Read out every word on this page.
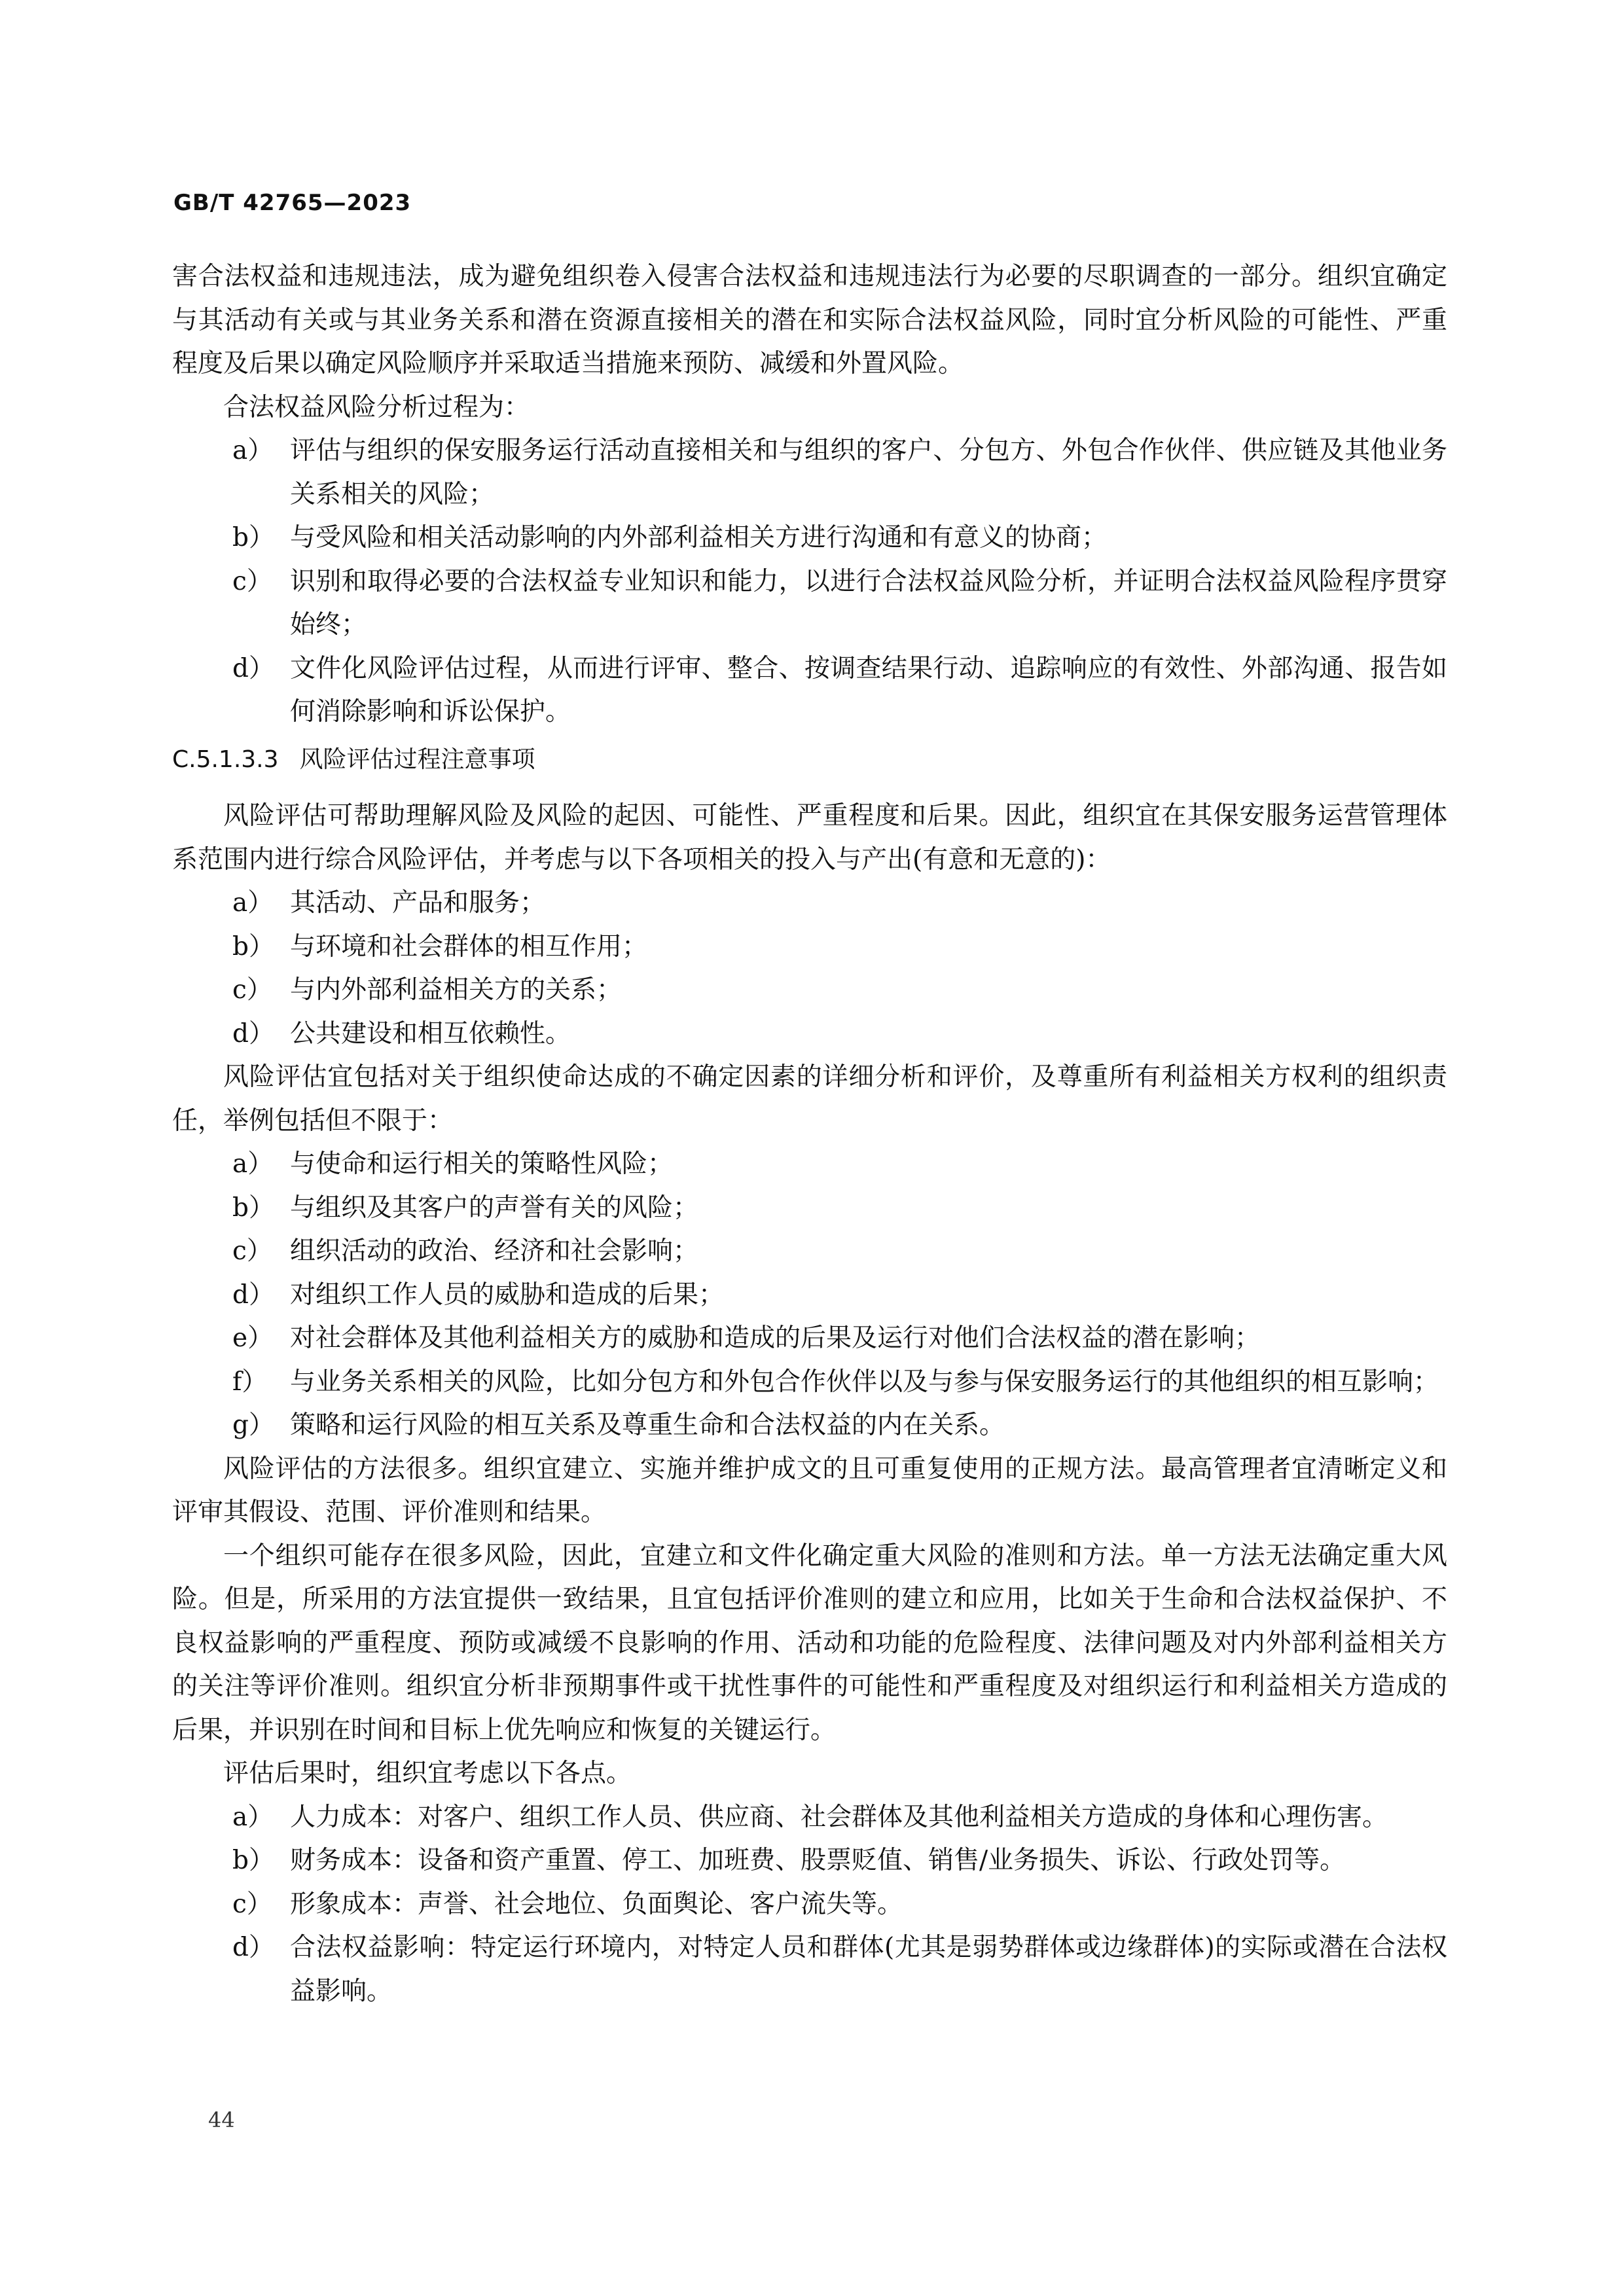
GB/T 42765—2023
害合法权益和违规违法，成为避免组织卷入侵害合法权益和违规违法行为必要的尽职调查的一部分。组织宜确定与其活动有关或与其业务关系和潜在资源直接相关的潜在和实际合法权益风险，同时宜分析风险的可能性、严重程度及后果以确定风险顺序并采取适当措施来预防、减缓和外置风险。
合法权益风险分析过程为：
a） 评估与组织的保安服务运行活动直接相关和与组织的客户、分包方、外包合作伙伴、供应链及其他业务关系相关的风险；
b） 与受风险和相关活动影响的内外部利益相关方进行沟通和有意义的协商；
c） 识别和取得必要的合法权益专业知识和能力，以进行合法权益风险分析，并证明合法权益风险程序贯穿始终；
d） 文件化风险评估过程，从而进行评审、整合、按调查结果行动、追踪响应的有效性、外部沟通、报告如何消除影响和诉讼保护。
C.5.1.3.3 风险评估过程注意事项
风险评估可帮助理解风险及风险的起因、可能性、严重程度和后果。因此，组织宜在其保安服务运营管理体系范围内进行综合风险评估，并考虑与以下各项相关的投入与产出(有意和无意的)：
a） 其活动、产品和服务；
b） 与环境和社会群体的相互作用；
c） 与内外部利益相关方的关系；
d） 公共建设和相互依赖性。
风险评估宜包括对关于组织使命达成的不确定因素的详细分析和评价，及尊重所有利益相关方权利的组织责任，举例包括但不限于：
a） 与使命和运行相关的策略性风险；
b） 与组织及其客户的声誉有关的风险；
c） 组织活动的政治、经济和社会影响；
d） 对组织工作人员的威胁和造成的后果；
e） 对社会群体及其他利益相关方的威胁和造成的后果及运行对他们合法权益的潜在影响；
f） 与业务关系相关的风险，比如分包方和外包合作伙伴以及与参与保安服务运行的其他组织的相互影响；
g） 策略和运行风险的相互关系及尊重生命和合法权益的内在关系。
风险评估的方法很多。组织宜建立、实施并维护成文的且可重复使用的正规方法。最高管理者宜清晰定义和评审其假设、范围、评价准则和结果。
一个组织可能存在很多风险，因此，宜建立和文件化确定重大风险的准则和方法。单一方法无法确定重大风险。但是，所采用的方法宜提供一致结果，且宜包括评价准则的建立和应用，比如关于生命和合法权益保护、不良权益影响的严重程度、预防或减缓不良影响的作用、活动和功能的危险程度、法律问题及对内外部利益相关方的关注等评价准则。组织宜分析非预期事件或干扰性事件的可能性和严重程度及对组织运行和利益相关方造成的后果，并识别在时间和目标上优先响应和恢复的关键运行。
评估后果时，组织宜考虑以下各点。
a） 人力成本：对客户、组织工作人员、供应商、社会群体及其他利益相关方造成的身体和心理伤害。
b） 财务成本：设备和资产重置、停工、加班费、股票贬值、销售/业务损失、诉讼、行政处罚等。
c） 形象成本：声誉、社会地位、负面舆论、客户流失等。
d） 合法权益影响：特定运行环境内，对特定人员和群体(尤其是弱势群体或边缘群体)的实际或潜在合法权益影响。
44
